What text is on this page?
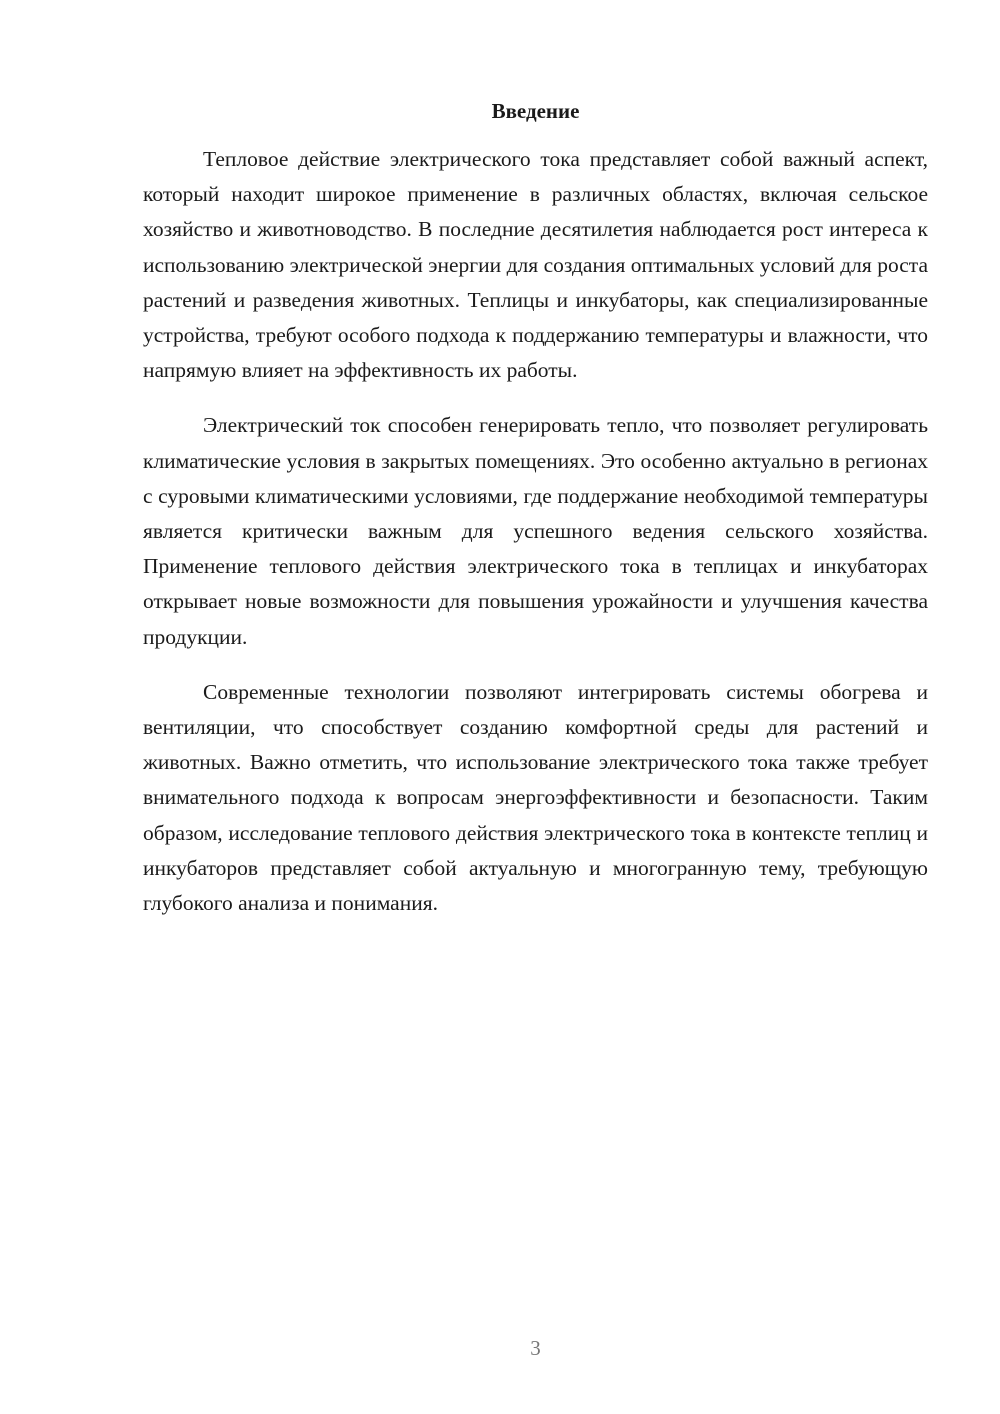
Введение

Тепловое действие электрического тока представляет собой важный аспект, который находит широкое применение в различных областях, включая сельское хозяйство и животноводство. В последние десятилетия наблюдается рост интереса к использованию электрической энергии для создания оптимальных условий для роста растений и разведения животных. Теплицы и инкубаторы, как специализированные устройства, требуют особого подхода к поддержанию температуры и влажности, что напрямую влияет на эффективность их работы.

Электрический ток способен генерировать тепло, что позволяет регулировать климатические условия в закрытых помещениях. Это особенно актуально в регионах с суровыми климатическими условиями, где поддержание необходимой температуры является критически важным для успешного ведения сельского хозяйства. Применение теплового действия электрического тока в теплицах и инкубаторах открывает новые возможности для повышения урожайности и улучшения качества продукции.

Современные технологии позволяют интегрировать системы обогрева и вентиляции, что способствует созданию комфортной среды для растений и животных. Важно отметить, что использование электрического тока также требует внимательного подхода к вопросам энергоэффективности и безопасности. Таким образом, исследование теплового действия электрического тока в контексте теплиц и инкубаторов представляет собой актуальную и многогранную тему, требующую глубокого анализа и понимания.

3
